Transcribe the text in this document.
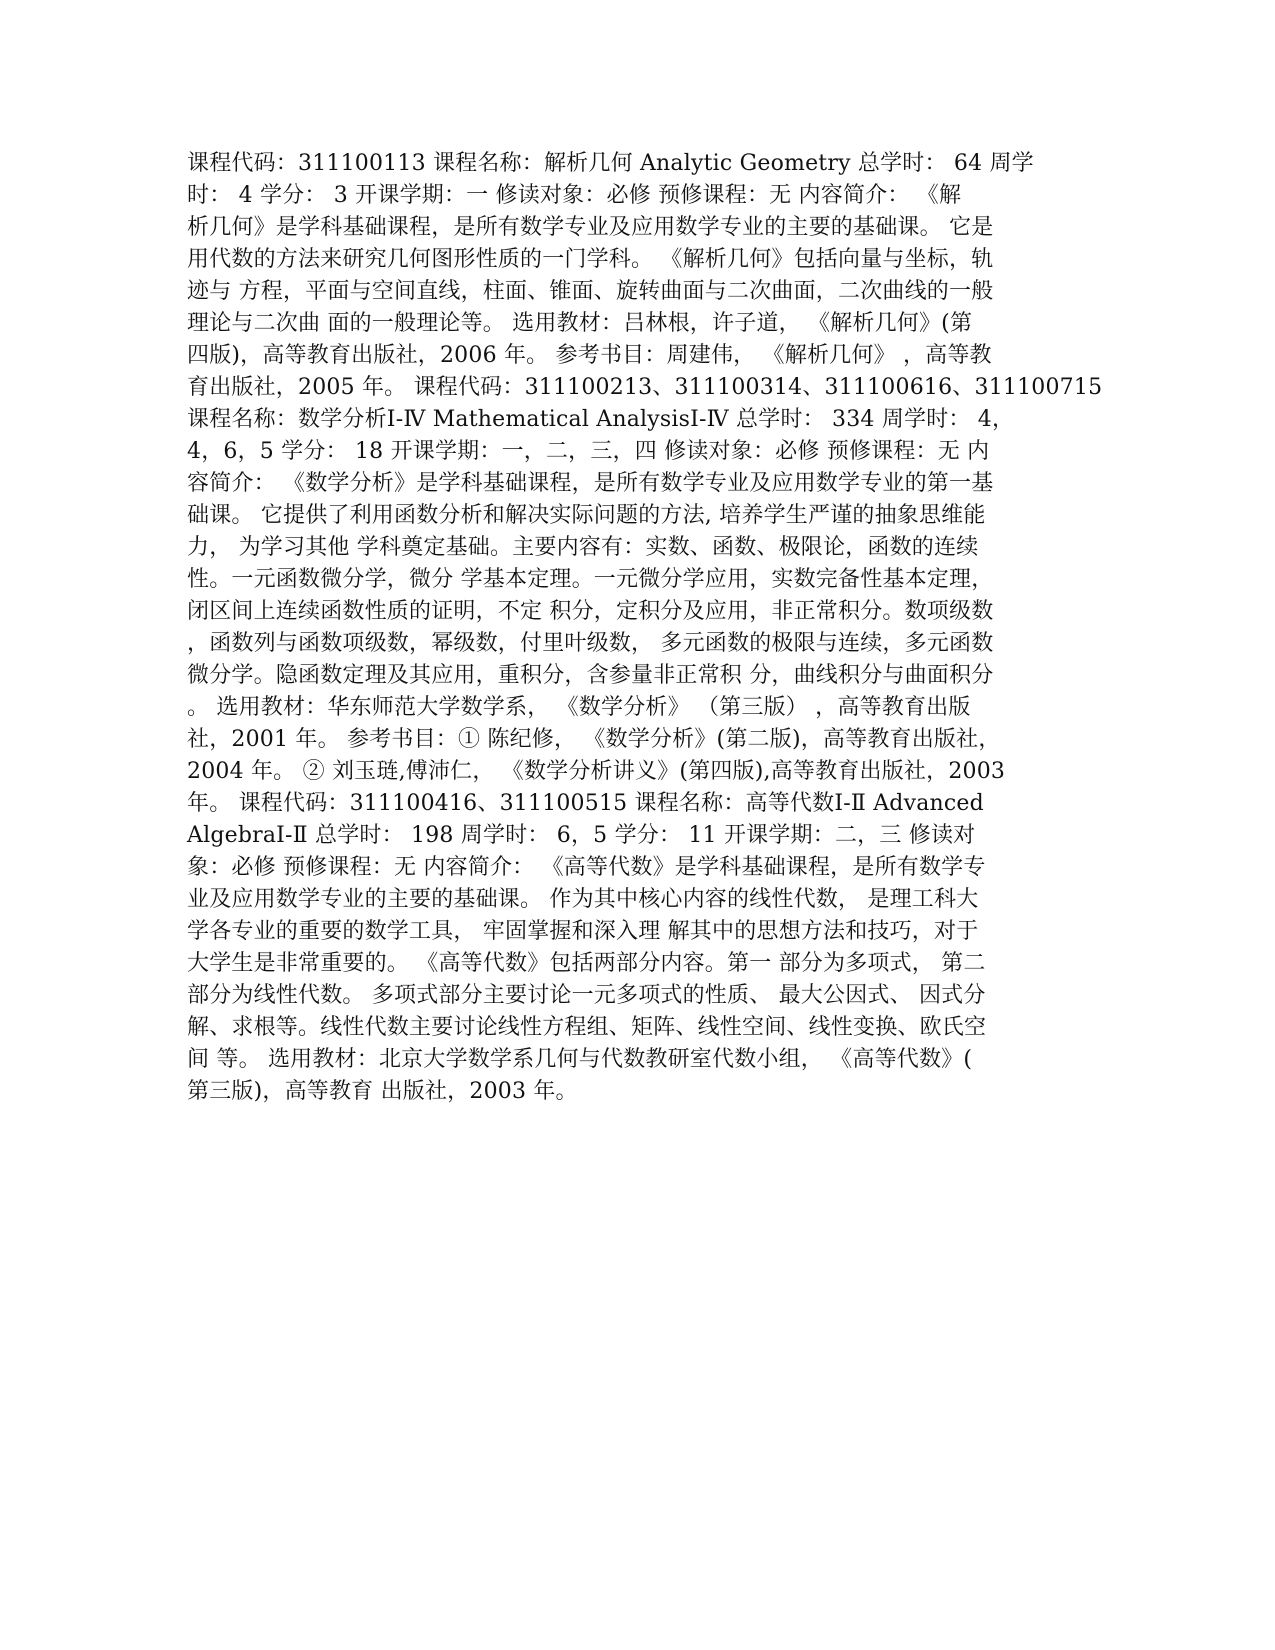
课程代码：311100113 课程名称：解析几何 Analytic Geometry 总学时： 64 周学
时： 4 学分： 3 开课学期：一 修读对象：必修 预修课程：无 内容简介： 《解
析几何》是学科基础课程，是所有数学专业及应用数学专业的主要的基础课。 它是
用代数的方法来研究几何图形性质的一门学科。 《解析几何》包括向量与坐标，轨
迹与 方程，平面与空间直线，柱面、锥面、旋转曲面与二次曲面，二次曲线的一般
理论与二次曲 面的一般理论等。 选用教材：吕林根，许子道， 《解析几何》(第
四版)，高等教育出版社，2006 年。 参考书目：周建伟， 《解析几何》 ，高等教
育出版社，2005 年。 课程代码：311100213、311100314、311100616、311100715
课程名称：数学分析Ⅰ-Ⅳ Mathematical AnalysisⅠ-Ⅳ 总学时： 334 周学时： 4，
4，6，5 学分： 18 开课学期：一，二，三，四 修读对象：必修 预修课程：无 内
容简介： 《数学分析》是学科基础课程，是所有数学专业及应用数学专业的第一基
础课。 它提供了利用函数分析和解决实际问题的方法, 培养学生严谨的抽象思维能
力， 为学习其他 学科奠定基础。主要内容有：实数、函数、极限论，函数的连续
性。一元函数微分学，微分 学基本定理。一元微分学应用，实数完备性基本定理，
闭区间上连续函数性质的证明，不定 积分，定积分及应用，非正常积分。数项级数
，函数列与函数项级数，幂级数，付里叶级数， 多元函数的极限与连续，多元函数
微分学。隐函数定理及其应用，重积分，含参量非正常积 分，曲线积分与曲面积分
。 选用教材：华东师范大学数学系， 《数学分析》 （第三版） ，高等教育出版
社，2001 年。 参考书目：① 陈纪修， 《数学分析》(第二版)，高等教育出版社，
2004 年。 ② 刘玉琏,傅沛仁， 《数学分析讲义》(第四版),高等教育出版社，2003
年。 课程代码：311100416、311100515 课程名称：高等代数Ⅰ-Ⅱ Advanced
AlgebraⅠ-Ⅱ 总学时： 198 周学时： 6，5 学分： 11 开课学期：二，三 修读对
象：必修 预修课程：无 内容简介： 《高等代数》是学科基础课程，是所有数学专
业及应用数学专业的主要的基础课。 作为其中核心内容的线性代数， 是理工科大
学各专业的重要的数学工具， 牢固掌握和深入理 解其中的思想方法和技巧，对于
大学生是非常重要的。 《高等代数》包括两部分内容。第一 部分为多项式， 第二
部分为线性代数。 多项式部分主要讨论一元多项式的性质、 最大公因式、 因式分
解、求根等。线性代数主要讨论线性方程组、矩阵、线性空间、线性变换、欧氏空
间 等。 选用教材：北京大学数学系几何与代数教研室代数小组， 《高等代数》(
第三版)，高等教育 出版社，2003 年。
